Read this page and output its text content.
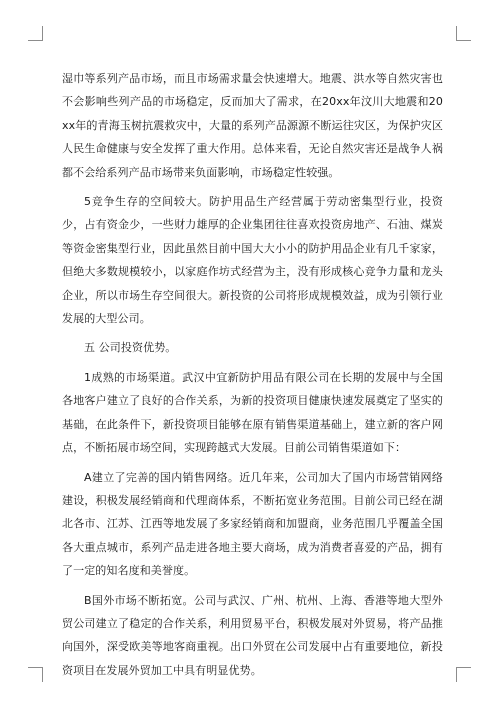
湿巾等系列产品市场，而且市场需求量会快速增大。地震、洪水等自然灾害也不会影响些列产品的市场稳定，反而加大了需求，在20xx年汶川大地震和20xx年的青海玉树抗震救灾中，大量的系列产品源源不断运往灾区，为保护灾区人民生命健康与安全发挥了重大作用。总体来看，无论自然灾害还是战争人祸都不会给系列产品市场带来负面影响，市场稳定性较强。

5竞争生存的空间较大。防护用品生产经营属于劳动密集型行业，投资少，占有资金少，一些财力雄厚的企业集团往往喜欢投资房地产、石油、煤炭等资金密集型行业，因此虽然目前中国大大小小的防护用品企业有几千家家，但绝大多数规模较小，以家庭作坊式经营为主，没有形成核心竞争力量和龙头企业，所以市场生存空间很大。新投资的公司将形成规模效益，成为引领行业发展的大型公司。

五 公司投资优势。

1成熟的市场渠道。武汉中宜新防护用品有限公司在长期的发展中与全国各地客户建立了良好的合作关系，为新的投资项目健康快速发展奠定了坚实的基础，在此条件下，新投资项目能够在原有销售渠道基础上，建立新的客户网点，不断拓展市场空间，实现跨越式大发展。目前公司销售渠道如下：

A建立了完善的国内销售网络。近几年来，公司加大了国内市场营销网络建设，积极发展经销商和代理商体系，不断拓宽业务范围。目前公司已经在湖北各市、江苏、江西等地发展了多家经销商和加盟商，业务范围几乎覆盖全国各大重点城市，系列产品走进各地主要大商场，成为消费者喜爱的产品，拥有了一定的知名度和美誉度。

B国外市场不断拓宽。公司与武汉、广州、杭州、上海、香港等地大型外贸公司建立了稳定的合作关系，利用贸易平台，积极发展对外贸易，将产品推向国外，深受欧美等地客商重视。出口外贸在公司发展中占有重要地位，新投资项目在发展外贸加工中具有明显优势。
